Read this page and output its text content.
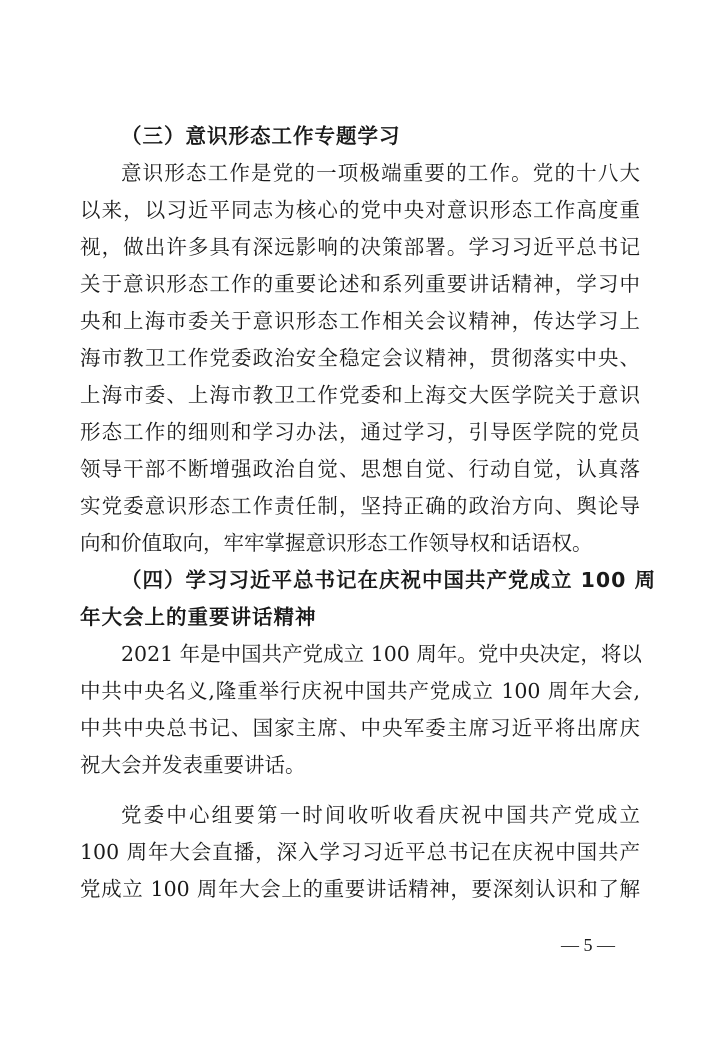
（三）意识形态工作专题学习
意识形态工作是党的一项极端重要的工作。党的十八大
以来，以习近平同志为核心的党中央对意识形态工作高度重
视，做出许多具有深远影响的决策部署。学习习近平总书记
关于意识形态工作的重要论述和系列重要讲话精神，学习中
央和上海市委关于意识形态工作相关会议精神，传达学习上
海市教卫工作党委政治安全稳定会议精神，贯彻落实中央、
上海市委、上海市教卫工作党委和上海交大医学院关于意识
形态工作的细则和学习办法，通过学习，引导医学院的党员
领导干部不断增强政治自觉、思想自觉、行动自觉，认真落
实党委意识形态工作责任制，坚持正确的政治方向、舆论导
向和价值取向，牢牢掌握意识形态工作领导权和话语权。
（四）学习习近平总书记在庆祝中国共产党成立 100 周
年大会上的重要讲话精神
2021 年是中国共产党成立 100 周年。党中央决定，将以
中共中央名义,隆重举行庆祝中国共产党成立 100 周年大会,
中共中央总书记、国家主席、中央军委主席习近平将出席庆
祝大会并发表重要讲话。
党委中心组要第一时间收听收看庆祝中国共产党成立
100 周年大会直播，深入学习习近平总书记在庆祝中国共产
党成立 100 周年大会上的重要讲话精神，要深刻认识和了解
— 5 —
